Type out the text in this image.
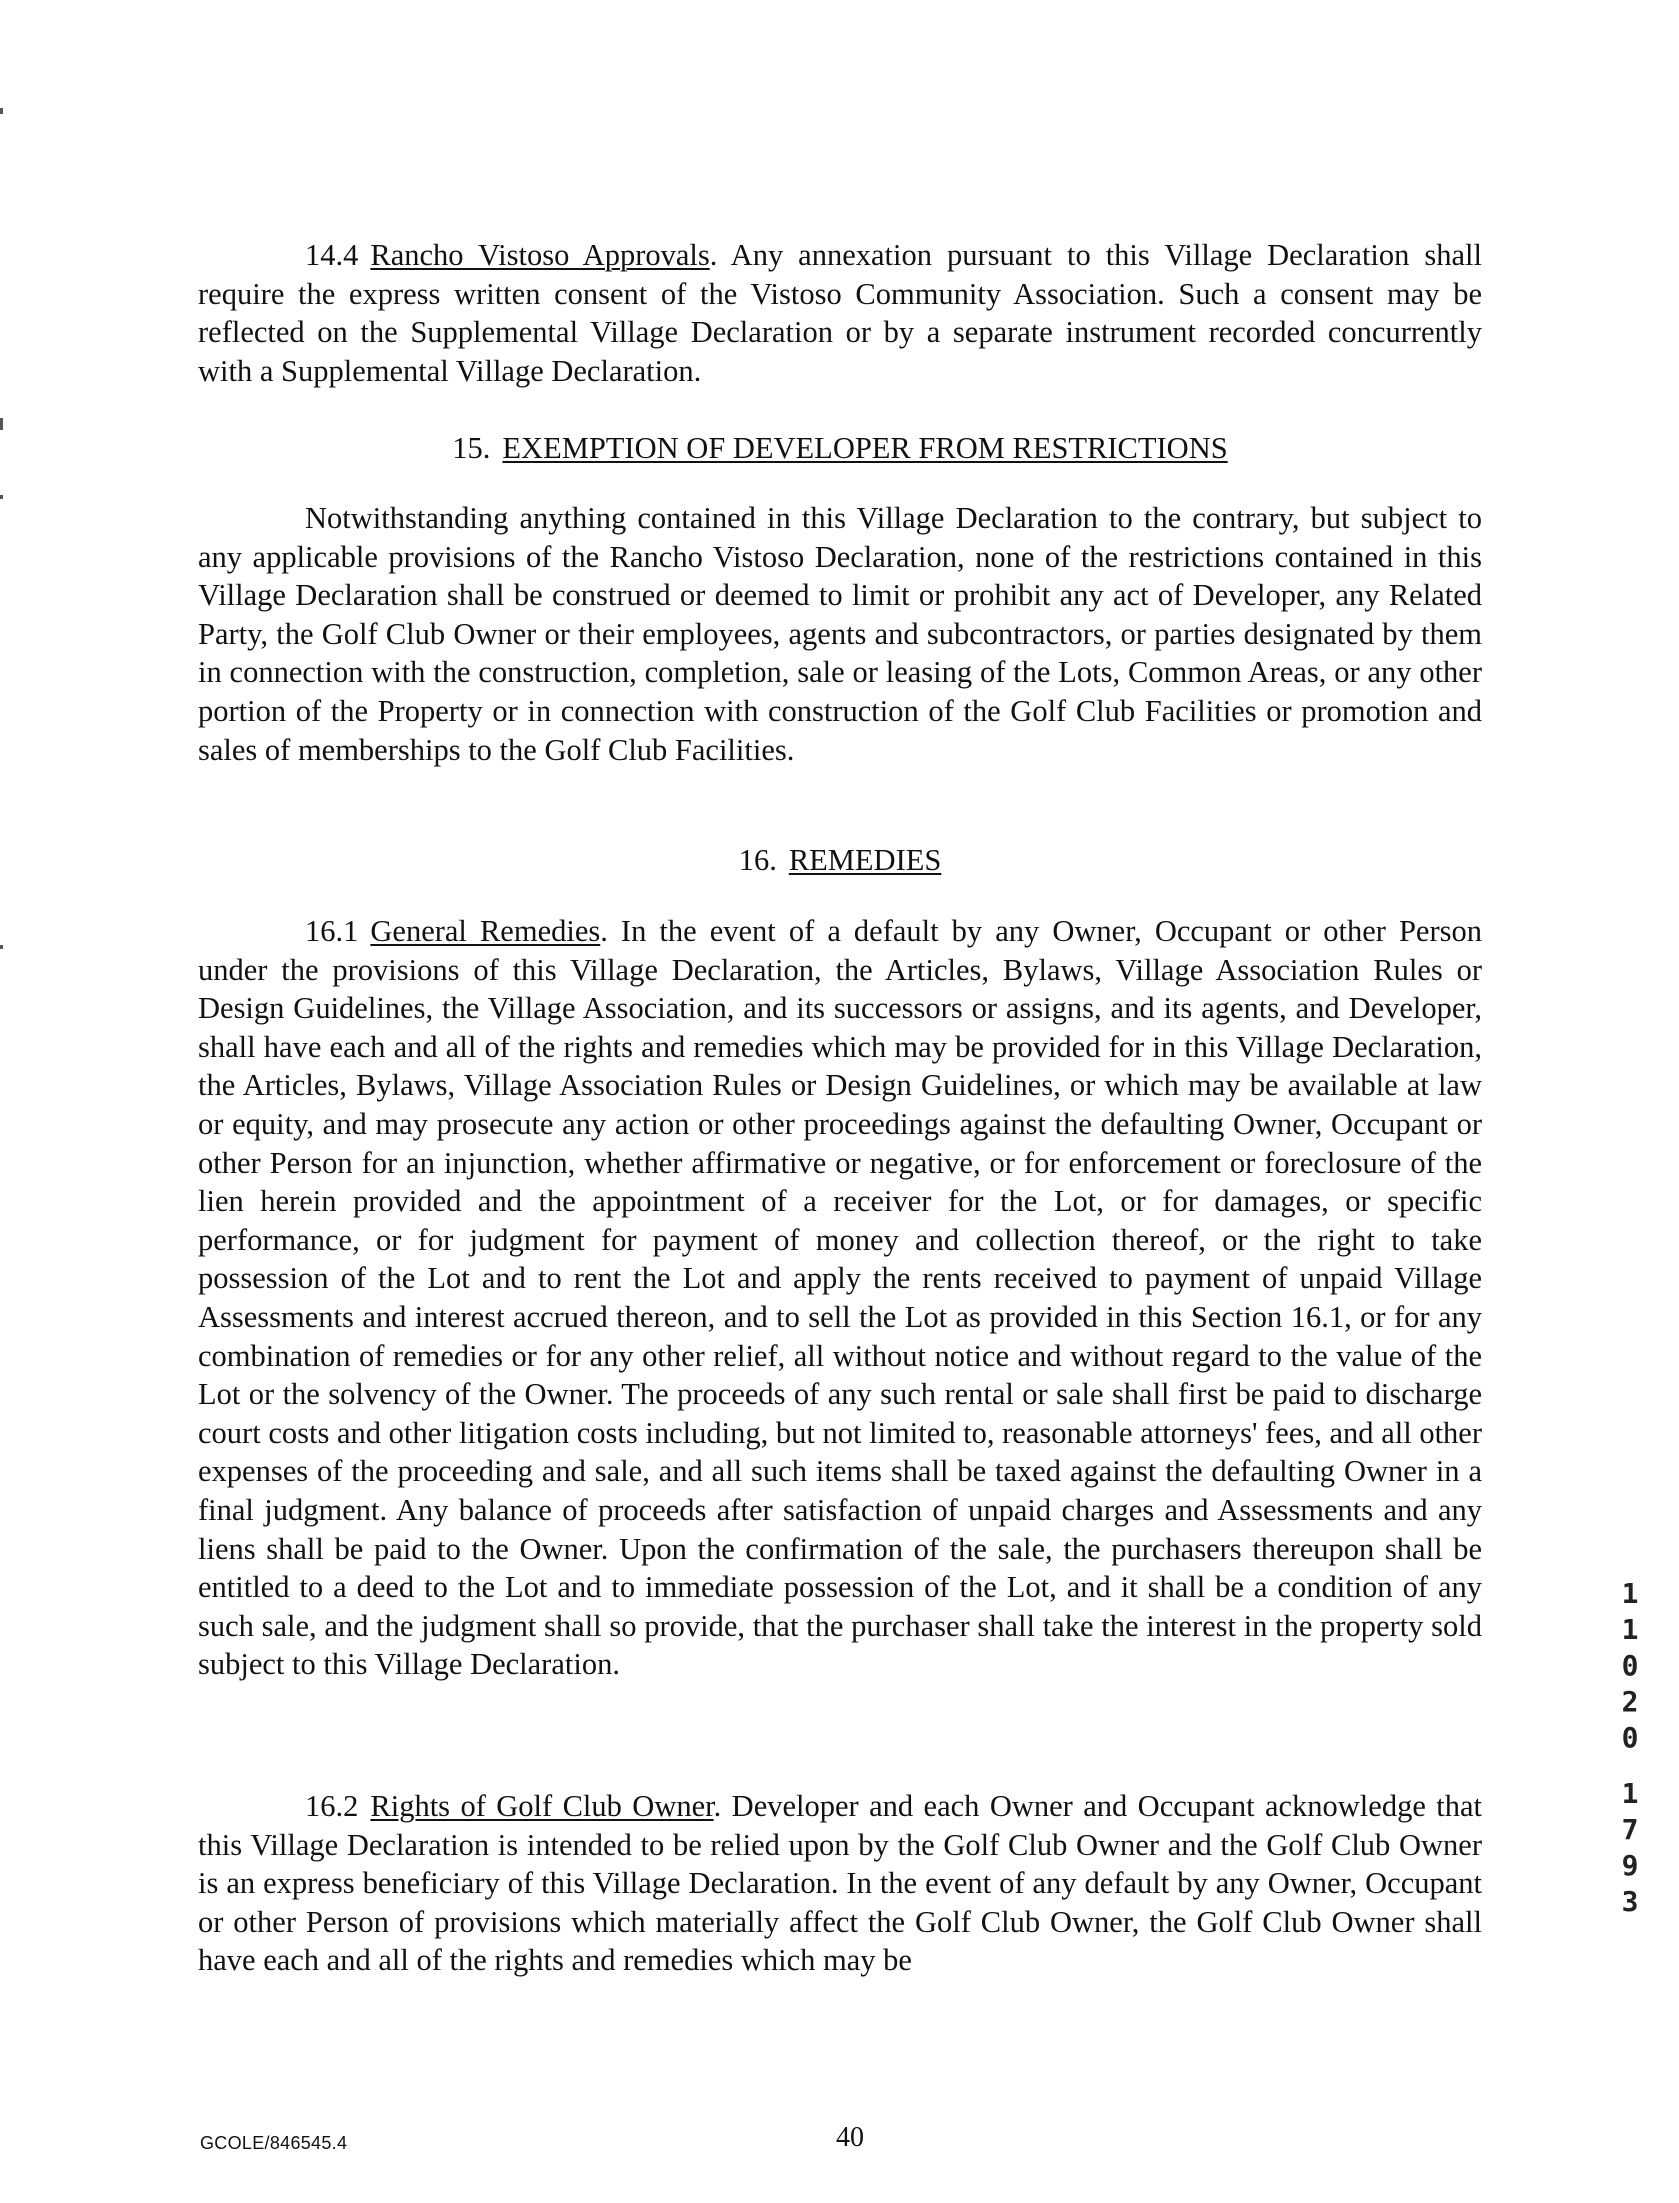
14.4 Rancho Vistoso Approvals. Any annexation pursuant to this Village Declaration shall require the express written consent of the Vistoso Community Association. Such a consent may be reflected on the Supplemental Village Declaration or by a separate instrument recorded concurrently with a Supplemental Village Declaration.

15. EXEMPTION OF DEVELOPER FROM RESTRICTIONS

Notwithstanding anything contained in this Village Declaration to the contrary, but subject to any applicable provisions of the Rancho Vistoso Declaration, none of the restrictions contained in this Village Declaration shall be construed or deemed to limit or prohibit any act of Developer, any Related Party, the Golf Club Owner or their employees, agents and subcontractors, or parties designated by them in connection with the construction, completion, sale or leasing of the Lots, Common Areas, or any other portion of the Property or in connection with construction of the Golf Club Facilities or promotion and sales of memberships to the Golf Club Facilities.

16. REMEDIES

16.1 General Remedies. In the event of a default by any Owner, Occupant or other Person under the provisions of this Village Declaration, the Articles, Bylaws, Village Association Rules or Design Guidelines, the Village Association, and its successors or assigns, and its agents, and Developer, shall have each and all of the rights and remedies which may be provided for in this Village Declaration, the Articles, Bylaws, Village Association Rules or Design Guidelines, or which may be available at law or equity, and may prosecute any action or other proceedings against the defaulting Owner, Occupant or other Person for an injunction, whether affirmative or negative, or for enforcement or foreclosure of the lien herein provided and the appointment of a receiver for the Lot, or for damages, or specific performance, or for judgment for payment of money and collection thereof, or the right to take possession of the Lot and to rent the Lot and apply the rents received to payment of unpaid Village Assessments and interest accrued thereon, and to sell the Lot as provided in this Section 16.1, or for any combination of remedies or for any other relief, all without notice and without regard to the value of the Lot or the solvency of the Owner. The proceeds of any such rental or sale shall first be paid to discharge court costs and other litigation costs including, but not limited to, reasonable attorneys' fees, and all other expenses of the proceeding and sale, and all such items shall be taxed against the defaulting Owner in a final judgment. Any balance of proceeds after satisfaction of unpaid charges and Assessments and any liens shall be paid to the Owner. Upon the confirmation of the sale, the purchasers thereupon shall be entitled to a deed to the Lot and to immediate possession of the Lot, and it shall be a condition of any such sale, and the judgment shall so provide, that the purchaser shall take the interest in the property sold subject to this Village Declaration.

16.2 Rights of Golf Club Owner. Developer and each Owner and Occupant acknowledge that this Village Declaration is intended to be relied upon by the Golf Club Owner and the Golf Club Owner is an express beneficiary of this Village Declaration. In the event of any default by any Owner, Occupant or other Person of provisions which materially affect the Golf Club Owner, the Golf Club Owner shall have each and all of the rights and remedies which may be

1
1
0
2
0
1
7
9
3
GCOLE/846545.4	40
